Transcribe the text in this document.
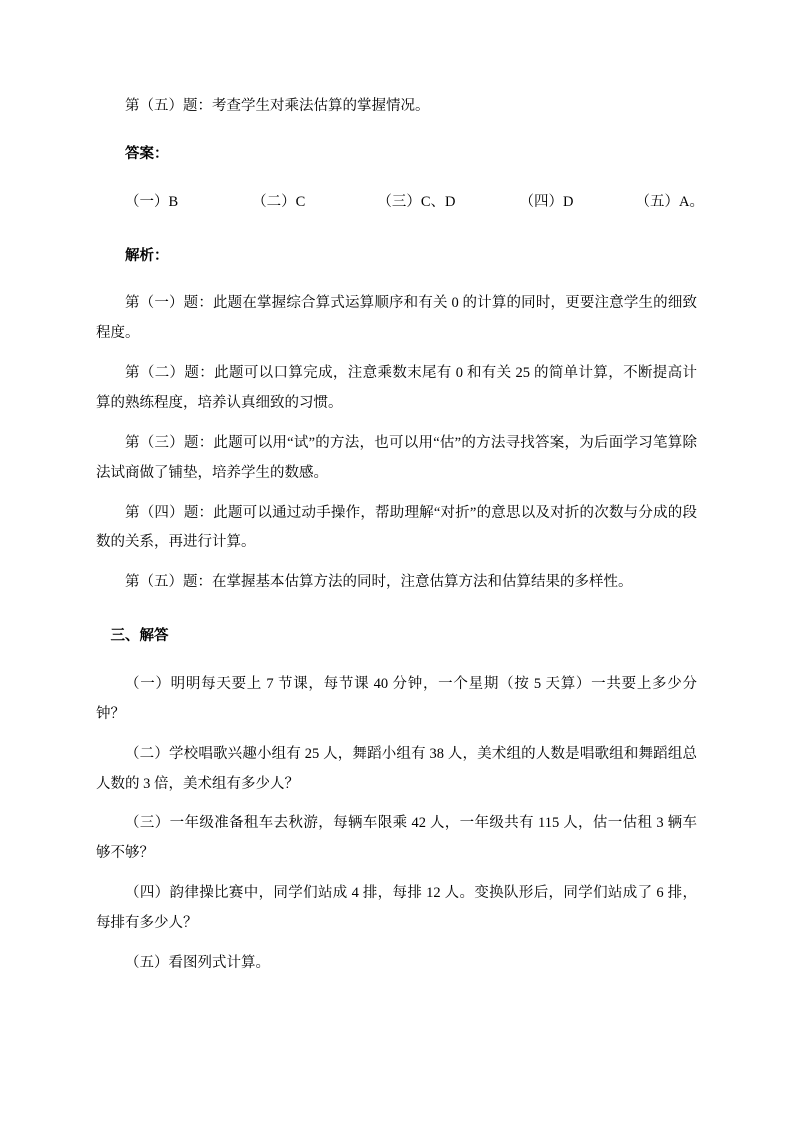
第（五）题：考查学生对乘法估算的掌握情况。

答案：

（一）B	（二）C	（三）C、D	（四）D	（五）A。

解析：

第（一）题：此题在掌握综合算式运算顺序和有关 0 的计算的同时，更要注意学生的细致程度。

第（二）题：此题可以口算完成，注意乘数末尾有 0 和有关 25 的简单计算，不断提高计算的熟练程度，培养认真细致的习惯。

第（三）题：此题可以用“试”的方法，也可以用“估”的方法寻找答案，为后面学习笔算除法试商做了铺垫，培养学生的数感。

第（四）题：此题可以通过动手操作，帮助理解“对折”的意思以及对折的次数与分成的段数的关系，再进行计算。

第（五）题：在掌握基本估算方法的同时，注意估算方法和估算结果的多样性。

三、解答

（一）明明每天要上 7 节课，每节课 40 分钟，一个星期（按 5 天算）一共要上多少分钟？

（二）学校唱歌兴趣小组有 25 人，舞蹈小组有 38 人，美术组的人数是唱歌组和舞蹈组总人数的 3 倍，美术组有多少人？

（三）一年级准备租车去秋游，每辆车限乘 42 人，一年级共有 115 人，估一估租 3 辆车够不够？

（四）韵律操比赛中，同学们站成 4 排，每排 12 人。变换队形后，同学们站成了 6 排，每排有多少人？

（五）看图列式计算。
